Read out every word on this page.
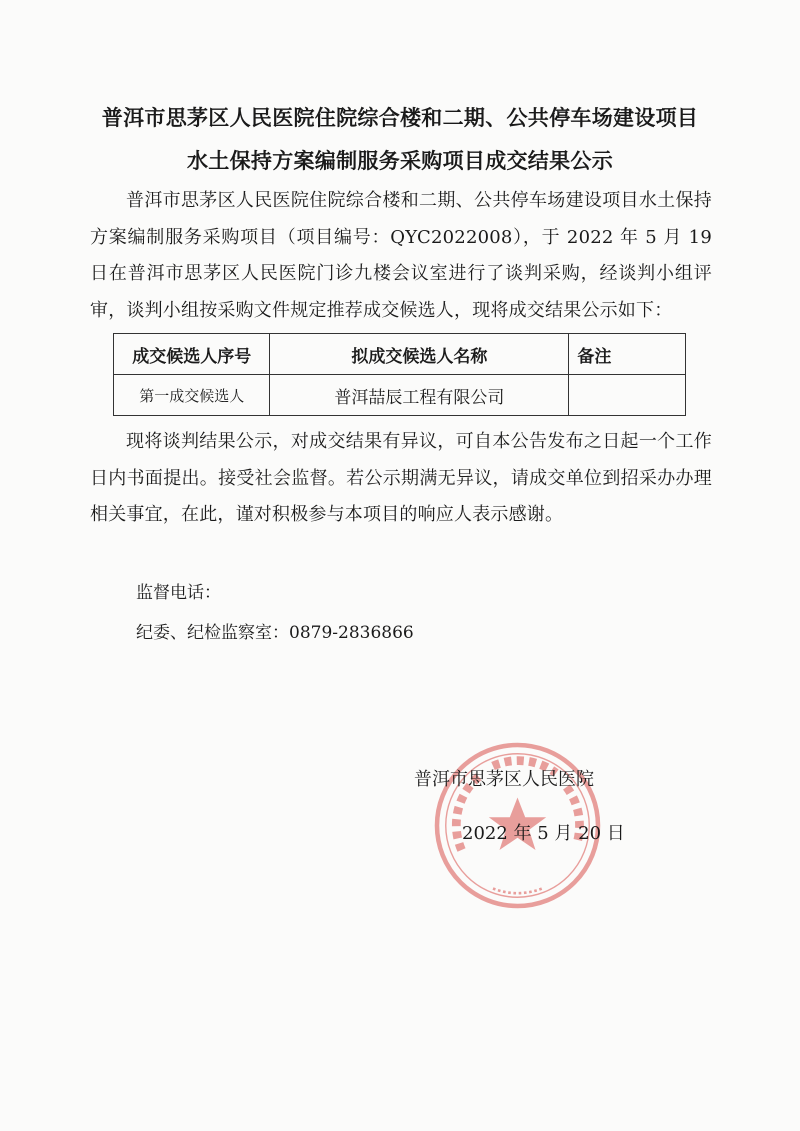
普洱市思茅区人民医院住院综合楼和二期、公共停车场建设项目
水土保持方案编制服务采购项目成交结果公示

普洱市思茅区人民医院住院综合楼和二期、公共停车场建设项目水土保持方案编制服务采购项目（项目编号：QYC2022008），于 2022 年 5 月 19 日在普洱市思茅区人民医院门诊九楼会议室进行了谈判采购，经谈判小组评审，谈判小组按采购文件规定推荐成交候选人，现将成交结果公示如下：

成交候选人序号	拟成交候选人名称	备注
第一成交候选人	普洱喆辰工程有限公司	

现将谈判结果公示，对成交结果有异议，可自本公告发布之日起一个工作日内书面提出。接受社会监督。若公示期满无异议，请成交单位到招采办办理相关事宜，在此，谨对积极参与本项目的响应人表示感谢。

监督电话：

纪委、纪检监察室：0879-2836866

普洱市思茅区人民医院

2022 年 5 月 20 日
